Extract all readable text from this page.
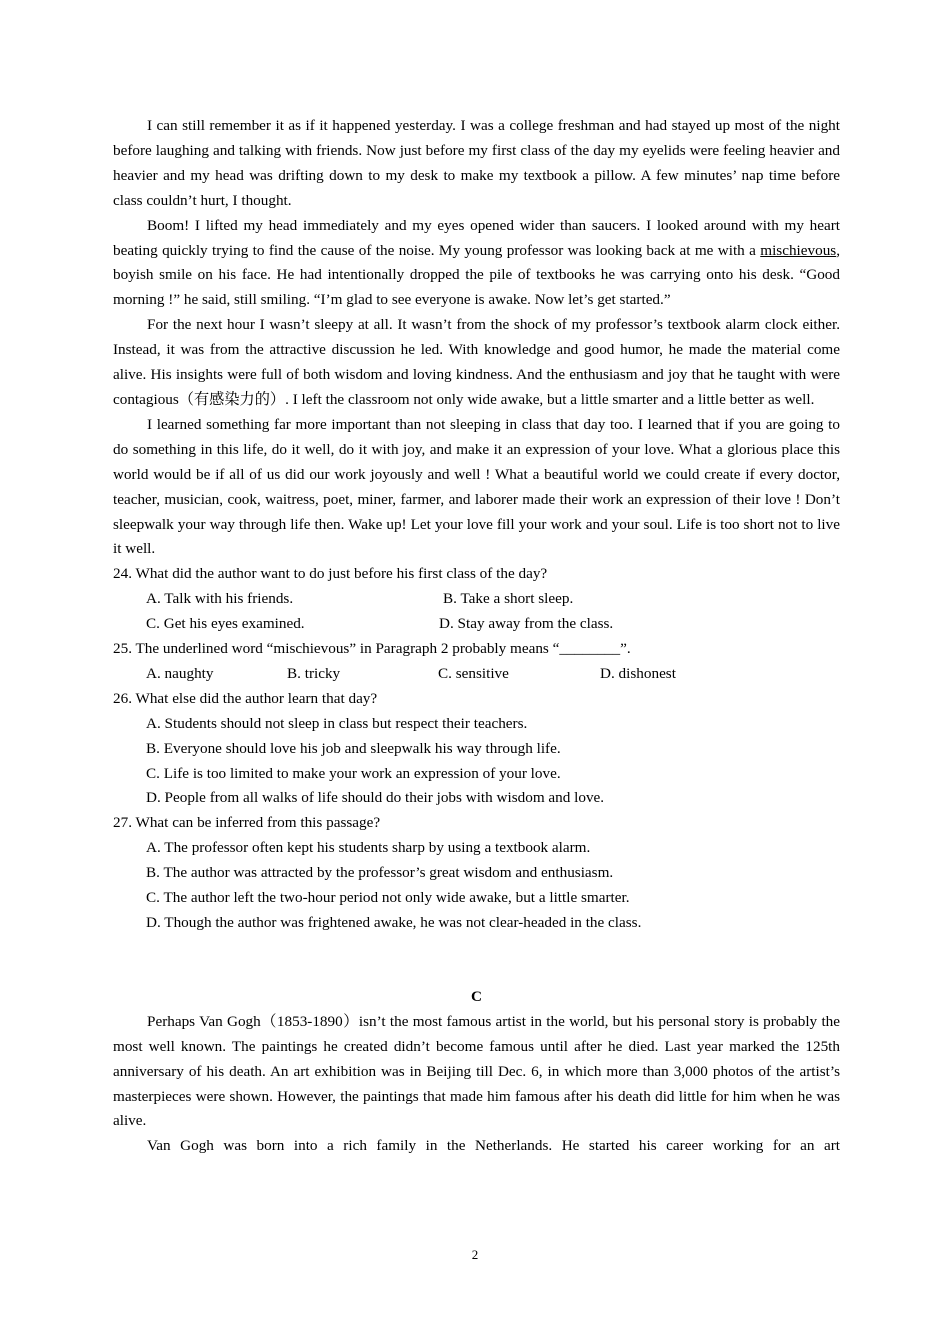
I can still remember it as if it happened yesterday. I was a college freshman and had stayed up most of the night before laughing and talking with friends. Now just before my first class of the day my eyelids were feeling heavier and heavier and my head was drifting down to my desk to make my textbook a pillow. A few minutes’ nap time before class couldn’t hurt, I thought.

Boom! I lifted my head immediately and my eyes opened wider than saucers. I looked around with my heart beating quickly trying to find the cause of the noise. My young professor was looking back at me with a mischievous, boyish smile on his face. He had intentionally dropped the pile of textbooks he was carrying onto his desk. “Good morning !” he said, still smiling. “I’m glad to see everyone is awake. Now let’s get started.”

For the next hour I wasn’t sleepy at all. It wasn’t from the shock of my professor’s textbook alarm clock either. Instead, it was from the attractive discussion he led. With knowledge and good humor, he made the material come alive. His insights were full of both wisdom and loving kindness. And the enthusiasm and joy that he taught with were contagious（有感染力的）. I left the classroom not only wide awake, but a little smarter and a little better as well.

I learned something far more important than not sleeping in class that day too. I learned that if you are going to do something in this life, do it well, do it with joy, and make it an expression of your love. What a glorious place this world would be if all of us did our work joyously and well ! What a beautiful world we could create if every doctor, teacher, musician, cook, waitress, poet, miner, farmer, and laborer made their work an expression of their love ! Don’t sleepwalk your way through life then. Wake up! Let your love fill your work and your soul. Life is too short not to live it well.

24. What did the author want to do just before his first class of the day?
A. Talk with his friends.	B. Take a short sleep.
C. Get his eyes examined.	D. Stay away from the class.
25. The underlined word “mischievous” in Paragraph 2 probably means “________”.
A. naughty	B. tricky	C. sensitive	D. dishonest
26. What else did the author learn that day?
A. Students should not sleep in class but respect their teachers.
B. Everyone should love his job and sleepwalk his way through life.
C. Life is too limited to make your work an expression of your love.
D. People from all walks of life should do their jobs with wisdom and love.
27. What can be inferred from this passage?
A. The professor often kept his students sharp by using a textbook alarm.
B. The author was attracted by the professor’s great wisdom and enthusiasm.
C. The author left the two-hour period not only wide awake, but a little smarter.
D. Though the author was frightened awake, he was not clear-headed in the class.
C

Perhaps Van Gogh（1853-1890）isn’t the most famous artist in the world, but his personal story is probably the most well known. The paintings he created didn’t become famous until after he died. Last year marked the 125th anniversary of his death. An art exhibition was in Beijing till Dec. 6, in which more than 3,000 photos of the artist’s masterpieces were shown. However, the paintings that made him famous after his death did little for him when he was alive.

Van Gogh was born into a rich family in the Netherlands. He started his career working for an art

2
